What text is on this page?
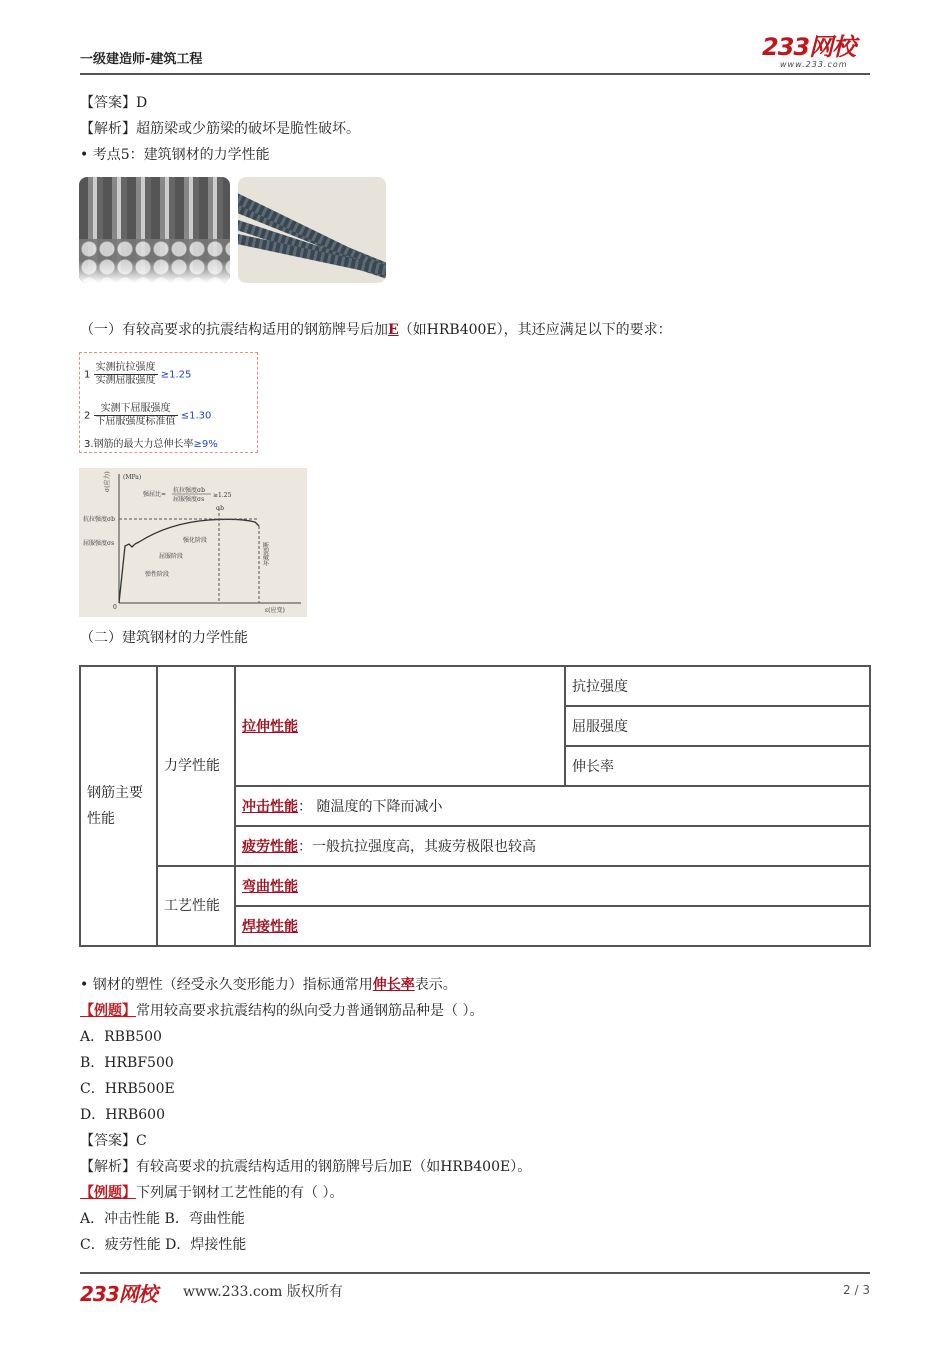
一级建造师-建筑工程	233网校
www.233.com
【答案】D
【解析】超筋梁或少筋梁的破坏是脆性破坏。
• 考点5：建筑钢材的力学性能
（一）有较高要求的抗震结构适用的钢筋牌号后加E（如HRB400E），其还应满足以下的要求：
$1 \frac{\text{实测抗拉强度}}{\text{实测屈服强度}} \ge 1.25$
$2 \frac{\text{实测下屈服强度}}{\text{下屈服强度标准值}} \le 1.30$
3.钢筋的最大力总伸长率≥9%
σ(应力) (MPa)
抗拉强度σb
屈服强度σs
强屈比=
抗拉强度σb
屈服强度σs
≥1.25
σb
屈服阶段
强化阶段
弹性阶段
断裂破坏
0	ε(应变)
（二）建筑钢材的力学性能
钢筋主要性能	力学性能	拉伸性能	抗拉强度
			屈服强度
			伸长率
		冲击性能： 随温度的下降而减小	
		疲劳性能：一般抗拉强度高，其疲劳极限也较高	
	工艺性能	弯曲性能	
		焊接性能	
• 钢材的塑性（经受永久变形能力）指标通常用伸长率表示。
【例题】常用较高要求抗震结构的纵向受力普通钢筋品种是（ ）。
A．RBB500
B．HRBF500
C．HRB500E
D．HRB600
【答案】C
【解析】有较高要求的抗震结构适用的钢筋牌号后加E（如HRB400E）。
【例题】下列属于钢材工艺性能的有（ ）。
A．冲击性能 B．弯曲性能
C．疲劳性能 D．焊接性能
233网校 www.233.com 版权所有	2 / 3
